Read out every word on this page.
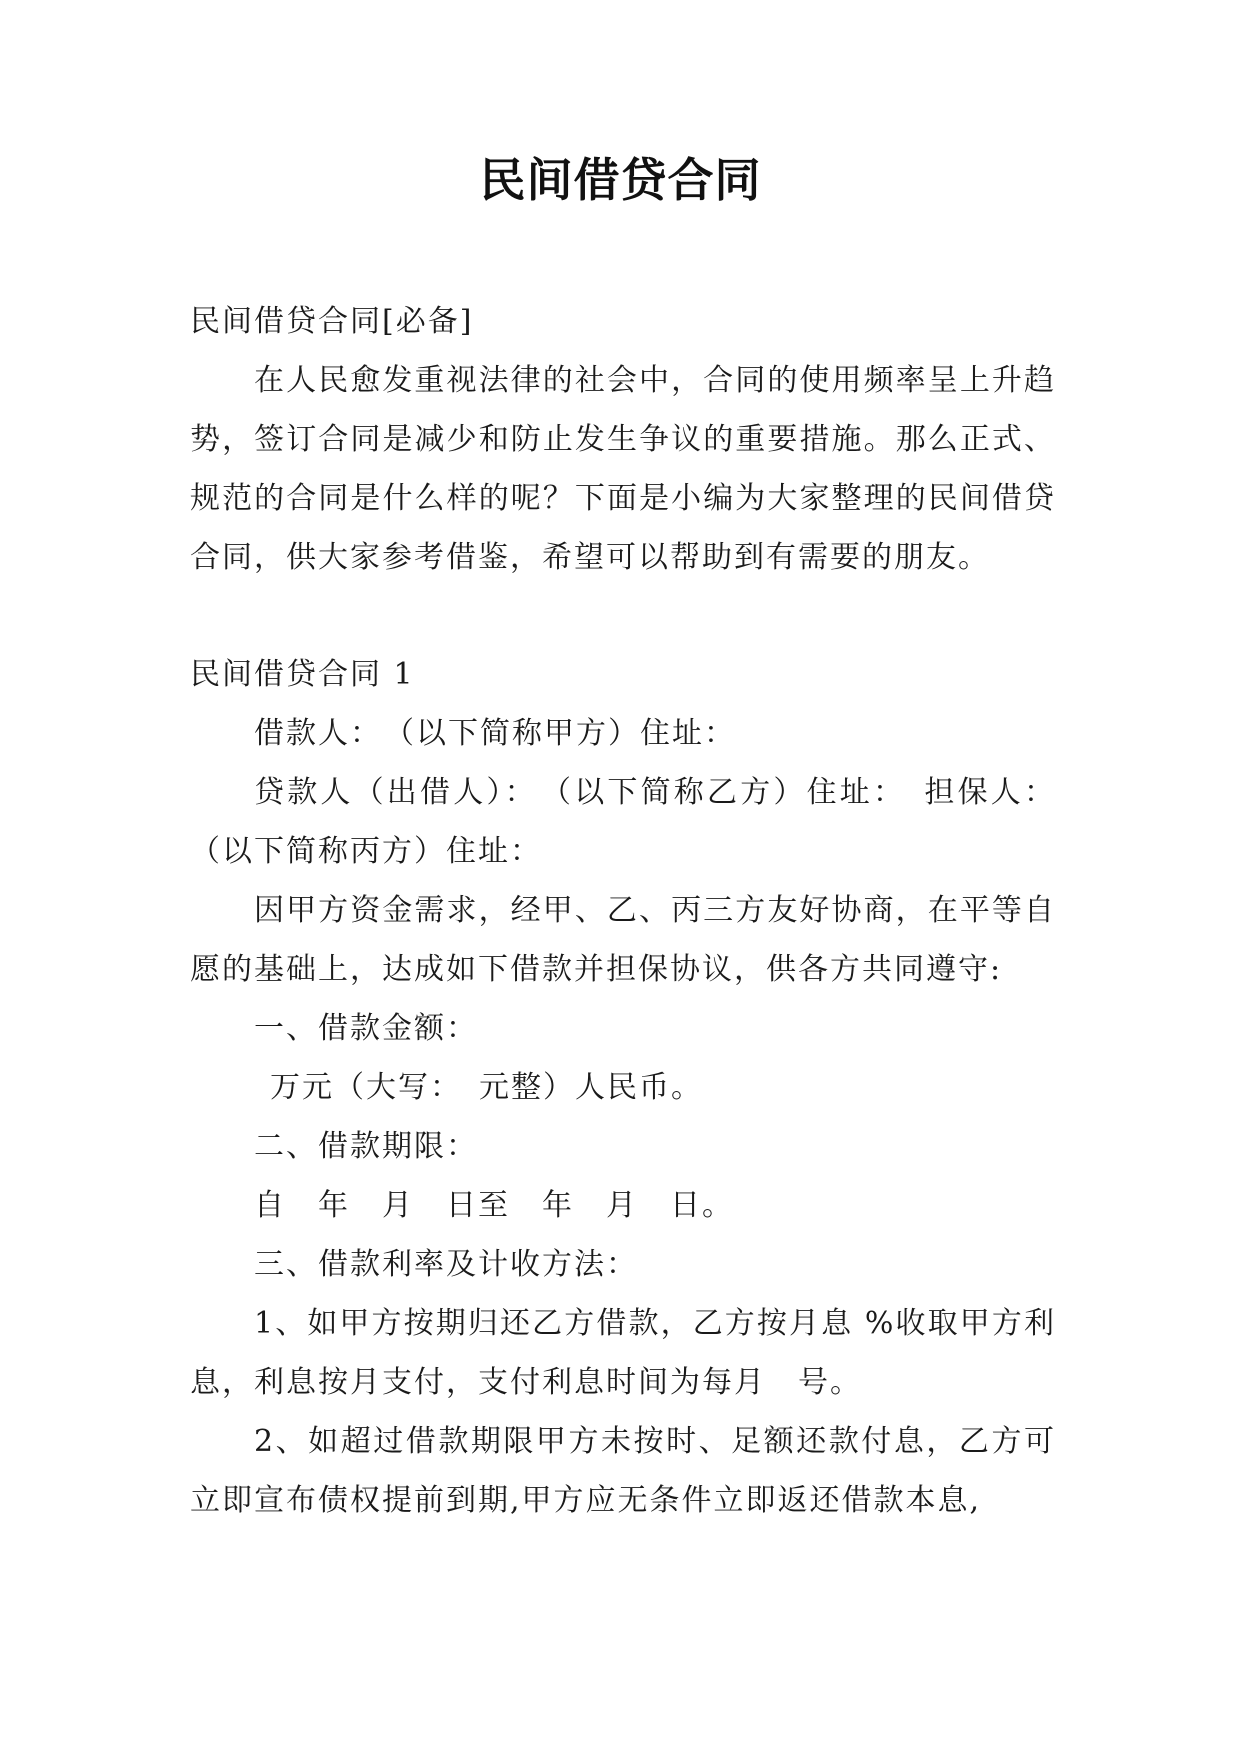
民间借贷合同

民间借贷合同[必备]

在人民愈发重视法律的社会中，合同的使用频率呈上升趋势，签订合同是减少和防止发生争议的重要措施。那么正式、规范的合同是什么样的呢？下面是小编为大家整理的民间借贷合同，供大家参考借鉴，希望可以帮助到有需要的朋友。

民间借贷合同 1

借款人：　（以下简称甲方）住址：

贷款人（出借人）：　（以下简称乙方）住址：　担保人：（以下简称丙方）住址：

因甲方资金需求，经甲、乙、丙三方友好协商，在平等自愿的基础上，达成如下借款并担保协议，供各方共同遵守:

一、借款金额：

万元（大写：　元整）人民币。

二、借款期限：

自　年　月　日至　年　月　日。

三、借款利率及计收方法：

1、如甲方按期归还乙方借款，乙方按月息 %收取甲方利息，利息按月支付，支付利息时间为每月　号。

2、如超过借款期限甲方未按时、足额还款付息，乙方可立即宣布债权提前到期,甲方应无条件立即返还借款本息,
